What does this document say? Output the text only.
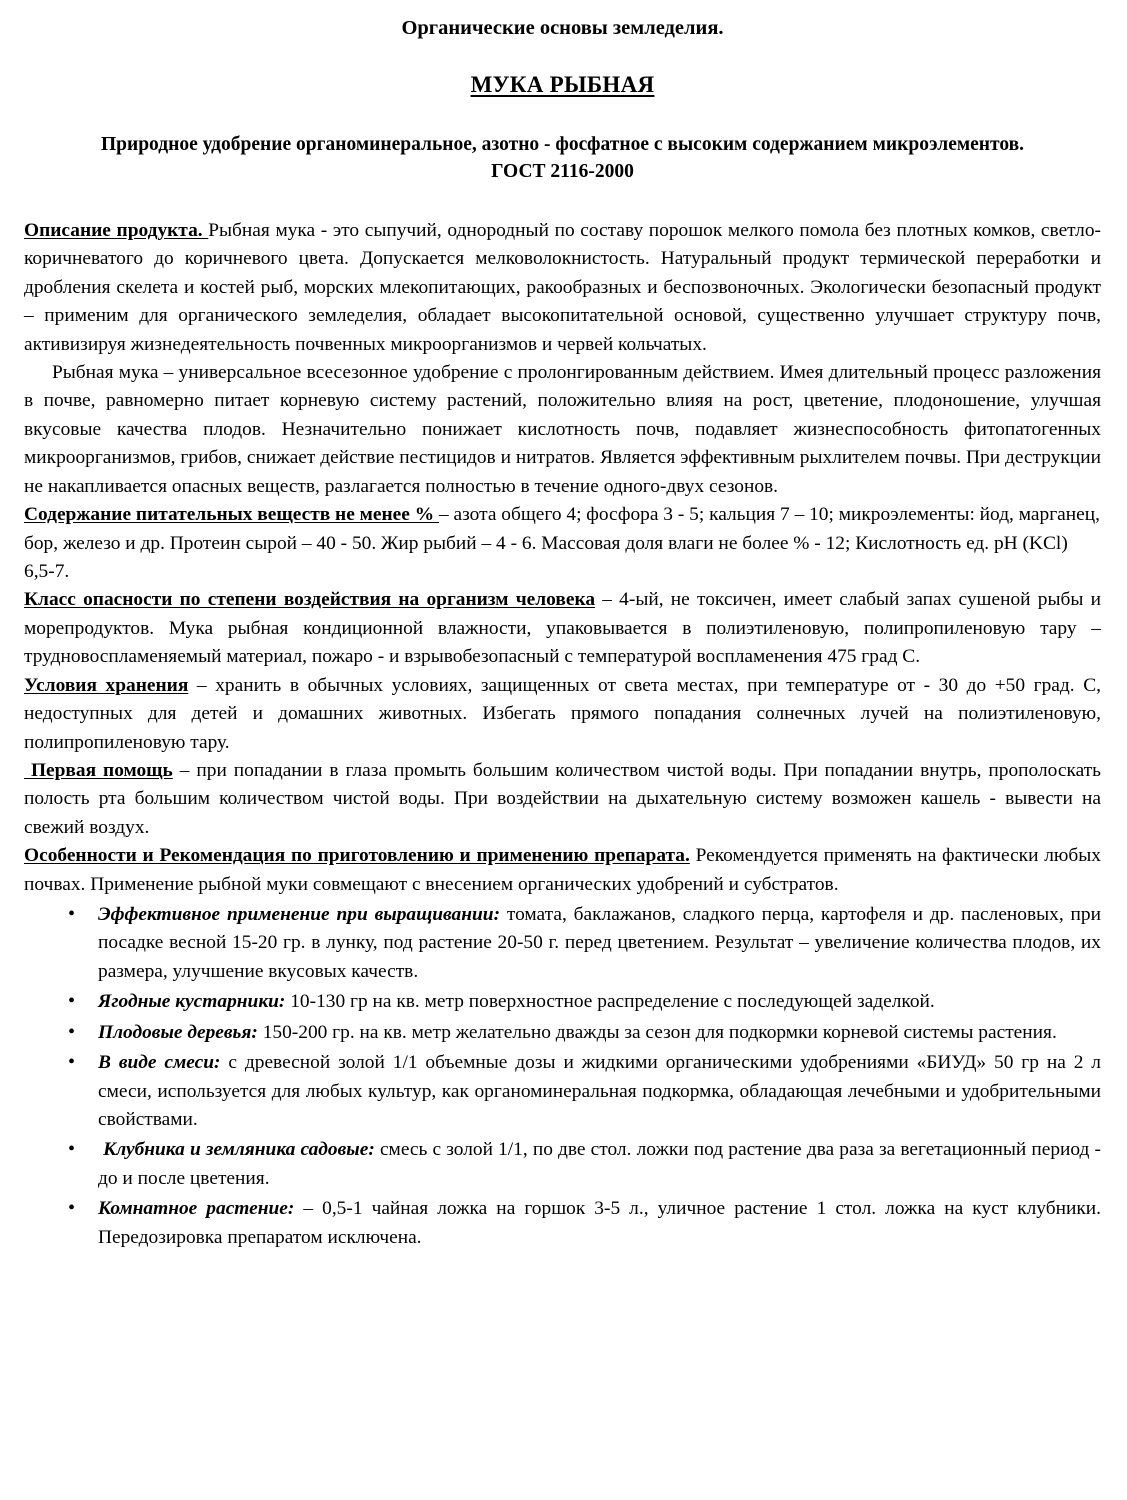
Органические основы земледелия.
МУКА РЫБНАЯ
Природное удобрение органоминеральное, азотно - фосфатное с высоким содержанием микроэлементов.
ГОСТ 2116-2000

Описание продукта. Рыбная мука - это сыпучий, однородный по составу порошок мелкого помола без плотных комков, светло-коричневатого до коричневого цвета. Допускается мелковолокнистость. Натуральный продукт термической переработки и дробления скелета и костей рыб, морских млекопитающих, ракообразных и беспозвоночных. Экологически безопасный продукт – применим для органического земледелия, обладает высокопитательной основой, существенно улучшает структуру почв, активизируя жизнедеятельность почвенных микроорганизмов и червей кольчатых.

Рыбная мука – универсальное всесезонное удобрение с пролонгированным действием. Имея длительный процесс разложения в почве, равномерно питает корневую систему растений, положительно влияя на рост, цветение, плодоношение, улучшая вкусовые качества плодов. Незначительно понижает кислотность почв, подавляет жизнеспособность фитопатогенных микроорганизмов, грибов, снижает действие пестицидов и нитратов. Является эффективным рыхлителем почвы. При деструкции не накапливается опасных веществ, разлагается полностью в течение одного-двух сезонов.

Содержание питательных веществ не менее % – азота общего 4; фосфора 3 - 5; кальция 7 – 10; микроэлементы: йод, марганец, бор, железо и др. Протеин сырой – 40 - 50. Жир рыбий – 4 - 6. Массовая доля влаги не более % - 12; Кислотность ед. рН (KCl) 6,5-7.

Класс опасности по степени воздействия на организм человека – 4-ый, не токсичен, имеет слабый запах сушеной рыбы и морепродуктов. Мука рыбная кондиционной влажности, упаковывается в полиэтиленовую, полипропиленовую тару – трудновоспламеняемый материал, пожаро - и взрывобезопасный с температурой воспламенения 475 град С.

Условия хранения – хранить в обычных условиях, защищенных от света местах, при температуре от - 30 до +50 град. С, недоступных для детей и домашних животных. Избегать прямого попадания солнечных лучей на полиэтиленовую, полипропиленовую тару.

Первая помощь – при попадании в глаза промыть большим количеством чистой воды. При попадании внутрь, прополоскать полость рта большим количеством чистой воды. При воздействии на дыхательную систему возможен кашель - вывести на свежий воздух.

Особенности и Рекомендация по приготовлению и применению препарата. Рекомендуется применять на фактически любых почвах. Применение рыбной муки совмещают с внесением органических удобрений и субстратов.

• Эффективное применение при выращивании: томата, баклажанов, сладкого перца, картофеля и др. пасленовых, при посадке весной 15-20 гр. в лунку, под растение 20-50 г. перед цветением. Результат – увеличение количества плодов, их размера, улучшение вкусовых качеств.
• Ягодные кустарники: 10-130 гр на кв. метр поверхностное распределение с последующей заделкой.
• Плодовые деревья: 150-200 гр. на кв. метр желательно дважды за сезон для подкормки корневой системы растения.
• В виде смеси: с древесной золой 1/1 объемные дозы и жидкими органическими удобрениями «БИУД» 50 гр на 2 л смеси, используется для любых культур, как органоминеральная подкормка, обладающая лечебными и удобрительными свойствами.
•  Клубника и земляника садовые: смесь с золой 1/1, по две стол. ложки под растение два раза за вегетационный период - до и после цветения.
• Комнатное растение: – 0,5-1 чайная ложка на горшок 3-5 л., уличное растение 1 стол. ложка на куст клубники. Передозировка препаратом исключена.
